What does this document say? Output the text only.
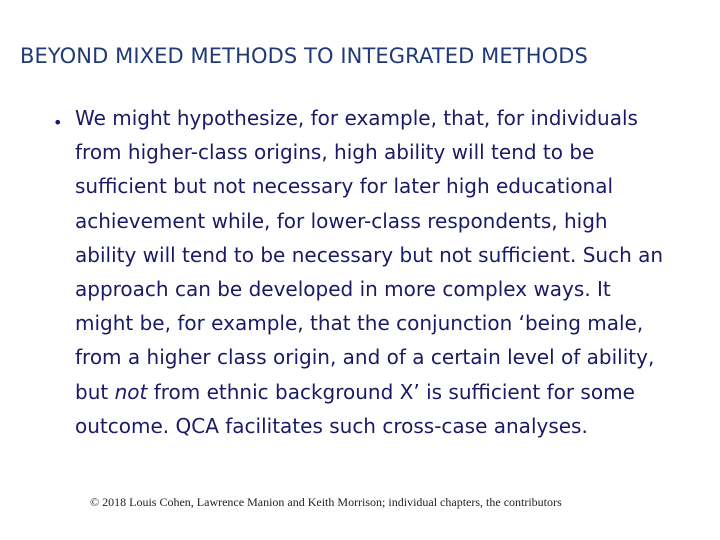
BEYOND MIXED METHODS TO INTEGRATED METHODS
• We might hypothesize, for example, that, for individuals from higher-class origins, high ability will tend to be sufficient but not necessary for later high educational achievement while, for lower-class respondents, high ability will tend to be necessary but not sufficient. Such an approach can be developed in more complex ways. It might be, for example, that the conjunction ‘being male, from a higher class origin, and of a certain level of ability, but not from ethnic background X’ is sufficient for some outcome. QCA facilitates such cross-case analyses.

© 2018 Louis Cohen, Lawrence Manion and Keith Morrison; individual chapters, the contributors
